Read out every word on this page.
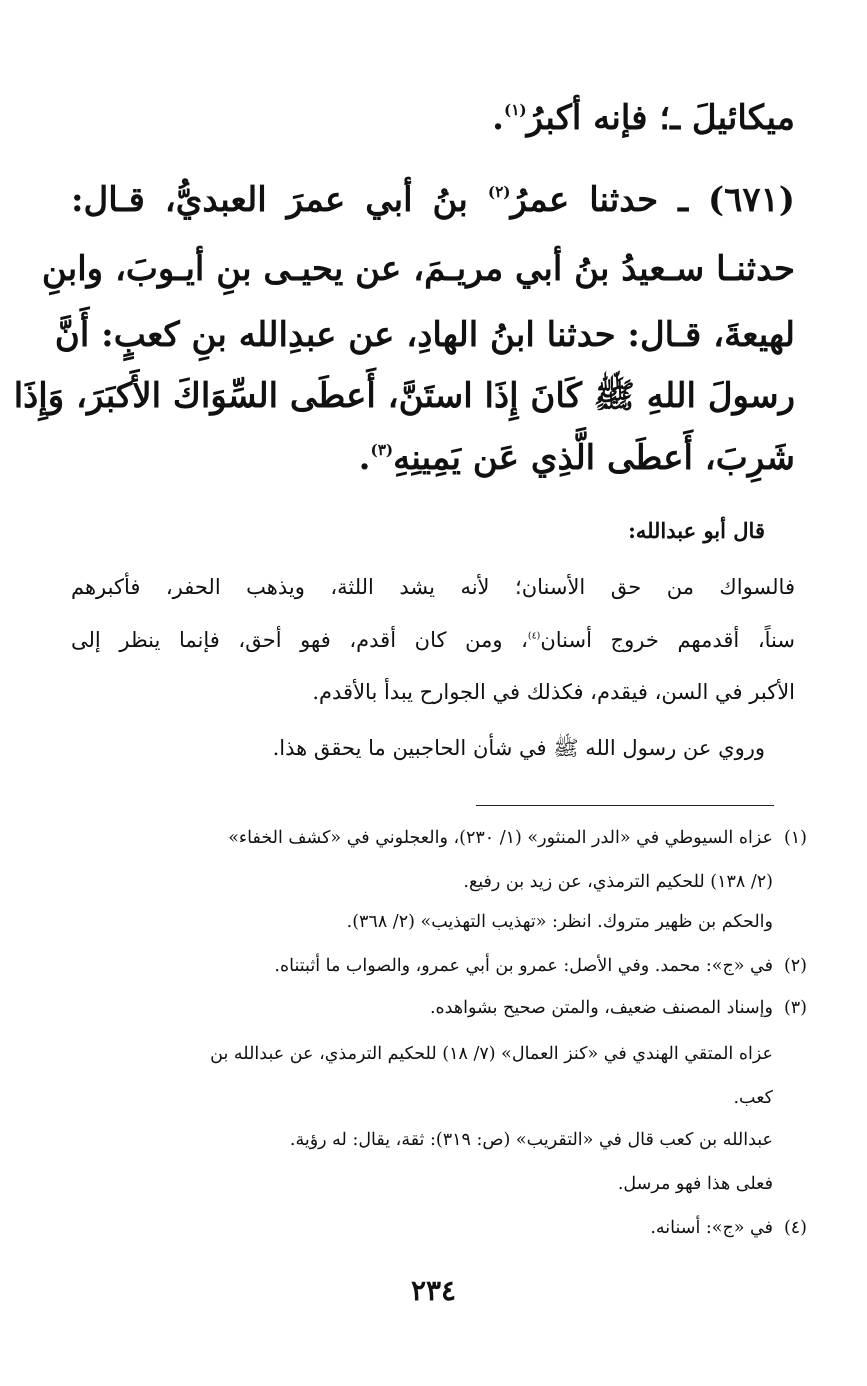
ميكائيلَ ـ؛ فإنه أكبرُ$^{(١)}$.
(٦٧١) ـ حدثنا عمرُ$^{(٢)}$ بنُ أبي عمرَ العبديُّ، قـال:
حدثنـا سـعيدُ بنُ أبي مريـمَ، عن يحيـى بنِ أيـوبَ، وابنِ
لهيعةَ، قـال: حدثنا ابنُ الهادِ، عن عبدِالله بنِ كعبٍ: أَنَّ
رسولَ اللهِ ﷺ كَانَ إِذَا استَنَّ، أَعطَى السِّوَاكَ الأَكبَرَ، وَإِذَا
شَرِبَ، أَعطَى الَّذِي عَن يَمِينِهِ$^{(٣)}$.
قال أبو عبدالله:
فالسواك من حق الأسنان؛ لأنه يشد اللثة، ويذهب الحفر، فأكبرهم
سناً، أقدمهم خروج أسنان$^{(٤)}$، ومن كان أقدم، فهو أحق، فإنما ينظر إلى
الأكبر في السن، فيقدم، فكذلك في الجوارح يبدأ بالأقدم.
وروي عن رسول الله ﷺ في شأن الحاجبين ما يحقق هذا.
(١)عزاه السيوطي في «الدر المنثور» (١/ ٢٣٠)، والعجلوني في «كشف الخفاء»
(٢/ ١٣٨) للحكيم الترمذي، عن زيد بن رفيع.
والحكم بن ظهير متروك. انظر: «تهذيب التهذيب» (٢/ ٣٦٨).
(٢)في «ج»: محمد. وفي الأصل: عمرو بن أبي عمرو، والصواب ما أثبتناه.
(٣)وإسناد المصنف ضعيف، والمتن صحيح بشواهده.
عزاه المتقي الهندي في «كنز العمال» (٧/ ١٨) للحكيم الترمذي، عن عبدالله بن
كعب.
عبدالله بن كعب قال في «التقريب» (ص: ٣١٩): ثقة، يقال: له رؤية.
فعلى هذا فهو مرسل.
(٤)في «ج»: أسنانه.
٢٣٤
